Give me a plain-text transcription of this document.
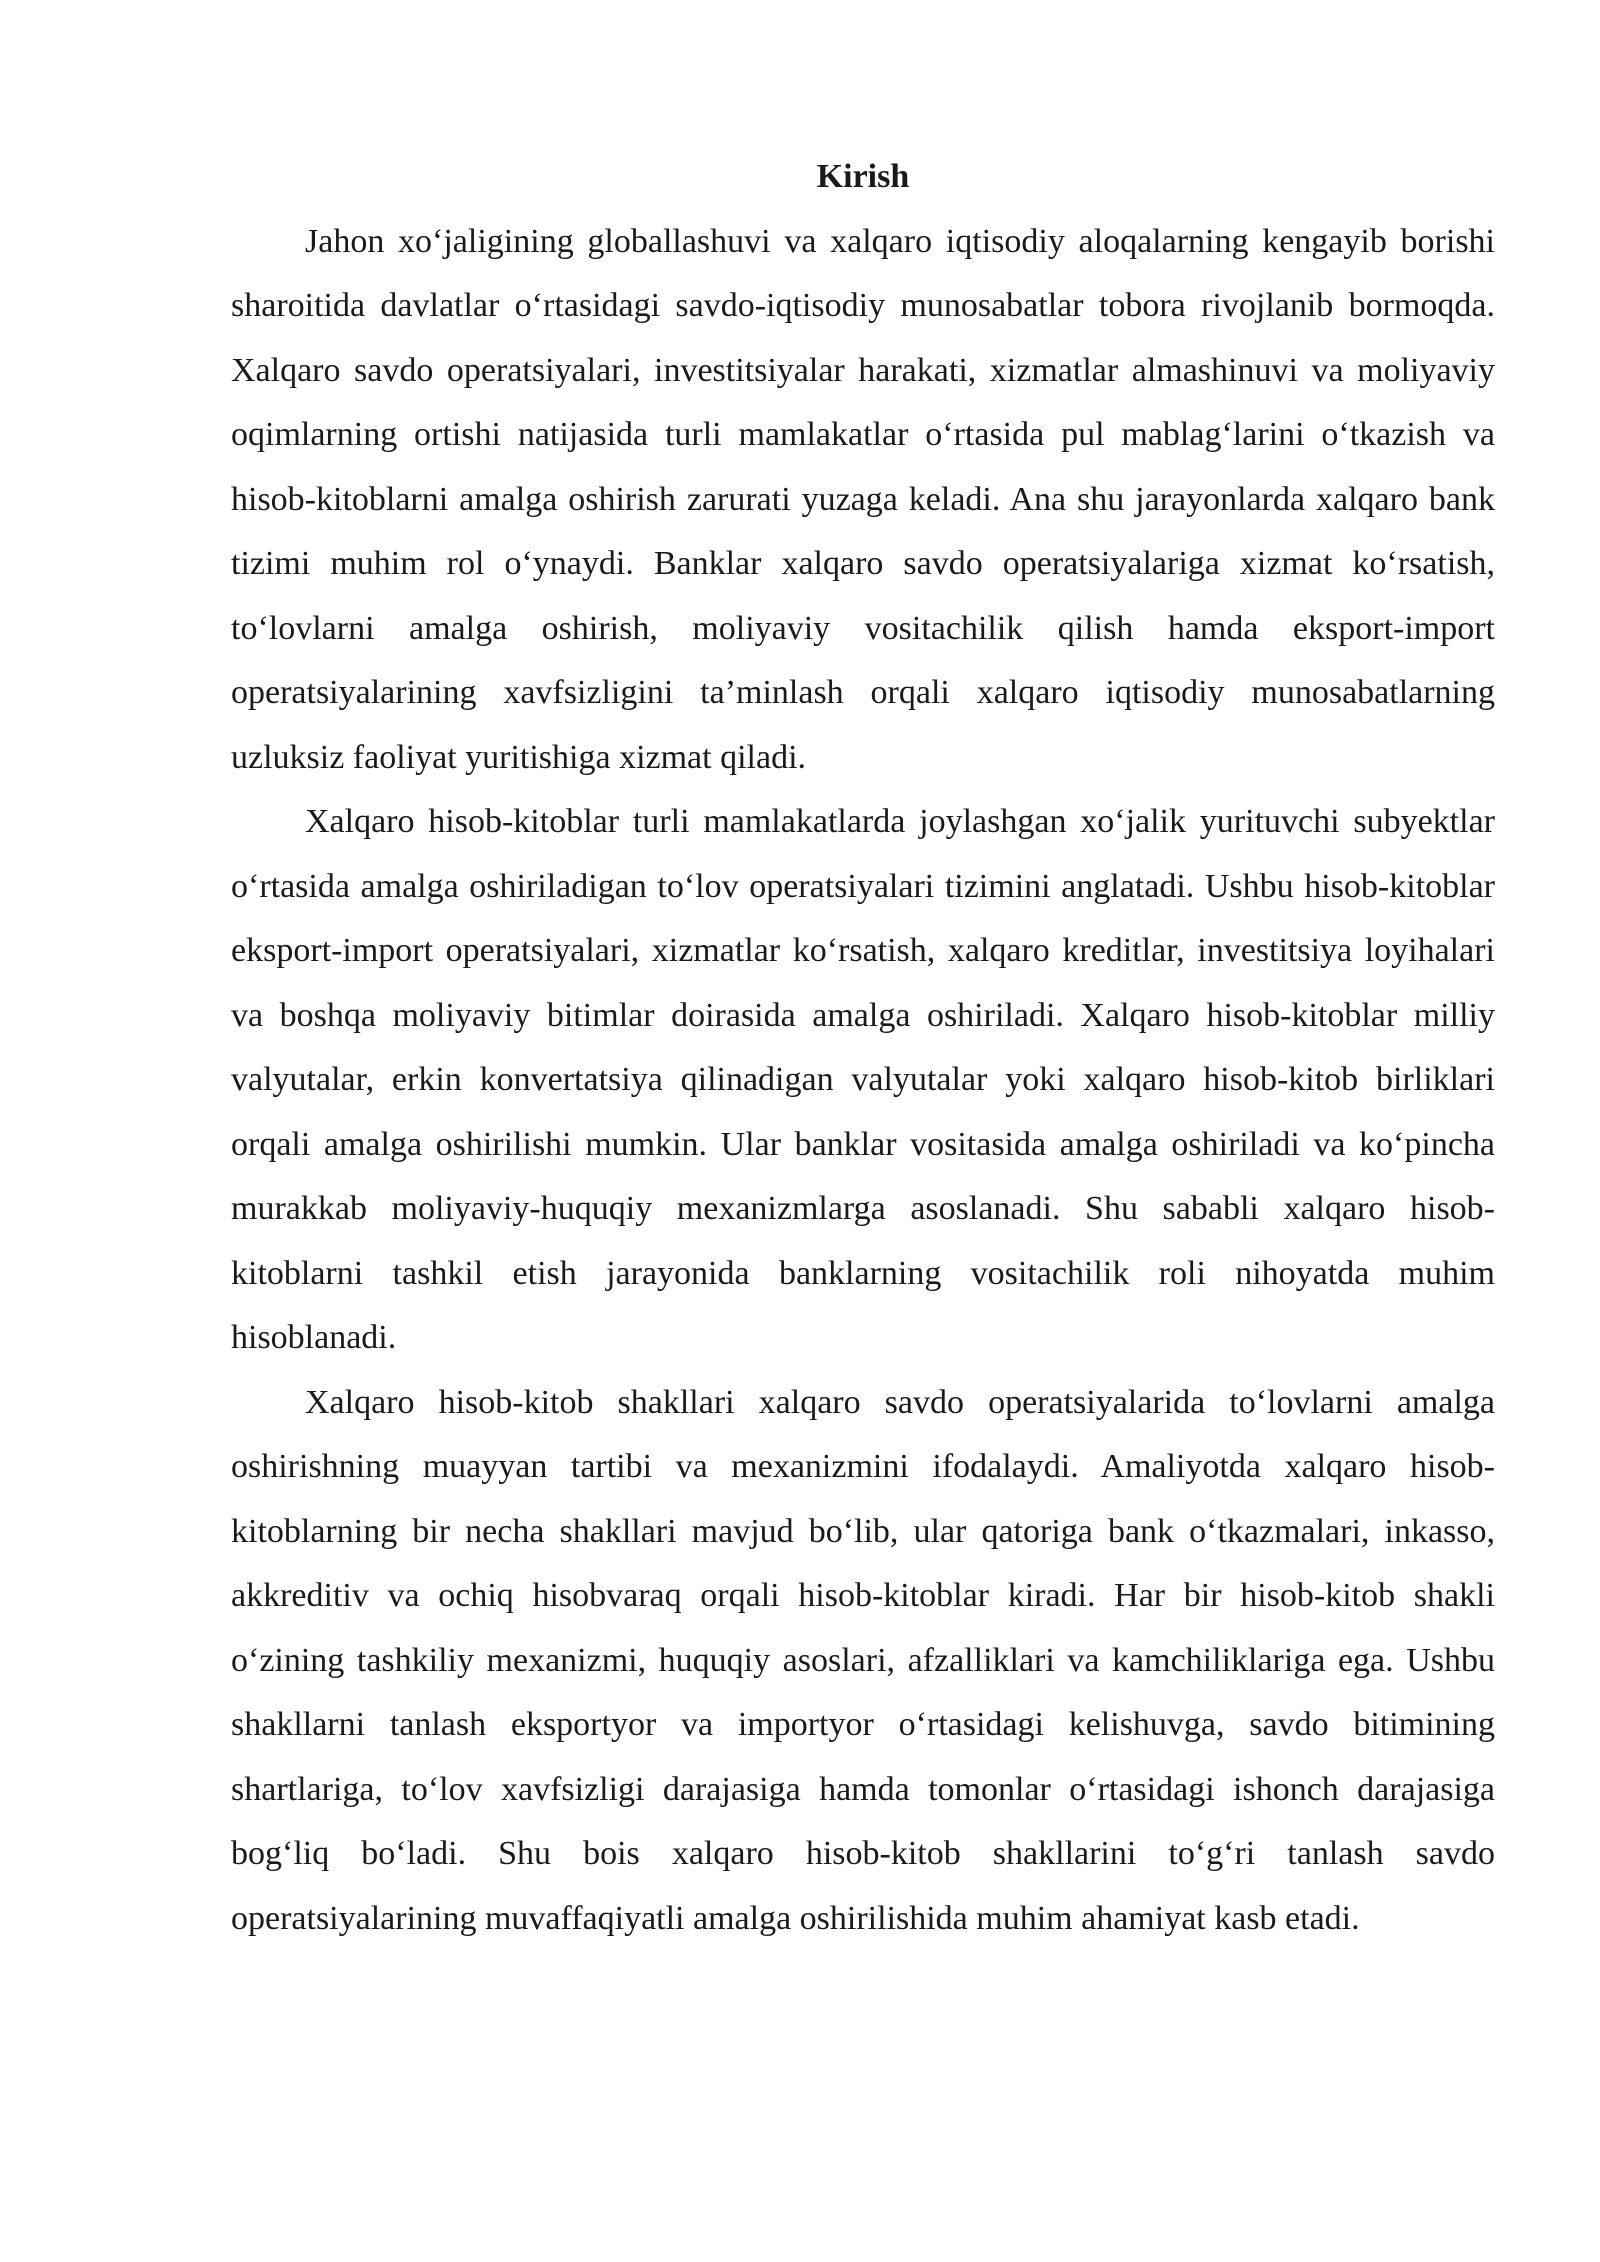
Kirish

Jahon xo‘jaligining globallashuvi va xalqaro iqtisodiy aloqalarning kengayib borishi sharoitida davlatlar o‘rtasidagi savdo-iqtisodiy munosabatlar tobora rivojlanib bormoqda. Xalqaro savdo operatsiyalari, investitsiyalar harakati, xizmatlar almashinuvi va moliyaviy oqimlarning ortishi natijasida turli mamlakatlar o‘rtasida pul mablag‘larini o‘tkazish va hisob-kitoblarni amalga oshirish zarurati yuzaga keladi. Ana shu jarayonlarda xalqaro bank tizimi muhim rol o‘ynaydi. Banklar xalqaro savdo operatsiyalariga xizmat ko‘rsatish, to‘lovlarni amalga oshirish, moliyaviy vositachilik qilish hamda eksport-import operatsiyalarining xavfsizligini ta’minlash orqali xalqaro iqtisodiy munosabatlarning uzluksiz faoliyat yuritishiga xizmat qiladi.

Xalqaro hisob-kitoblar turli mamlakatlarda joylashgan xo‘jalik yurituvchi subyektlar o‘rtasida amalga oshiriladigan to‘lov operatsiyalari tizimini anglatadi. Ushbu hisob-kitoblar eksport-import operatsiyalari, xizmatlar ko‘rsatish, xalqaro kreditlar, investitsiya loyihalari va boshqa moliyaviy bitimlar doirasida amalga oshiriladi. Xalqaro hisob-kitoblar milliy valyutalar, erkin konvertatsiya qilinadigan valyutalar yoki xalqaro hisob-kitob birliklari orqali amalga oshirilishi mumkin. Ular banklar vositasida amalga oshiriladi va ko‘pincha murakkab moliyaviy-huquqiy mexanizmlarga asoslanadi. Shu sababli xalqaro hisob-kitoblarni tashkil etish jarayonida banklarning vositachilik roli nihoyatda muhim hisoblanadi.

Xalqaro hisob-kitob shakllari xalqaro savdo operatsiyalarida to‘lovlarni amalga oshirishning muayyan tartibi va mexanizmini ifodalaydi. Amaliyotda xalqaro hisob-kitoblarning bir necha shakllari mavjud bo‘lib, ular qatoriga bank o‘tkazmalari, inkasso, akkreditiv va ochiq hisobvaraq orqali hisob-kitoblar kiradi. Har bir hisob-kitob shakli o‘zining tashkiliy mexanizmi, huquqiy asoslari, afzalliklari va kamchiliklariga ega. Ushbu shakllarni tanlash eksportyor va importyor o‘rtasidagi kelishuvga, savdo bitimining shartlariga, to‘lov xavfsizligi darajasiga hamda tomonlar o‘rtasidagi ishonch darajasiga bog‘liq bo‘ladi. Shu bois xalqaro hisob-kitob shakllarini to‘g‘ri tanlash savdo operatsiyalarining muvaffaqiyatli amalga oshirilishida muhim ahamiyat kasb etadi.
